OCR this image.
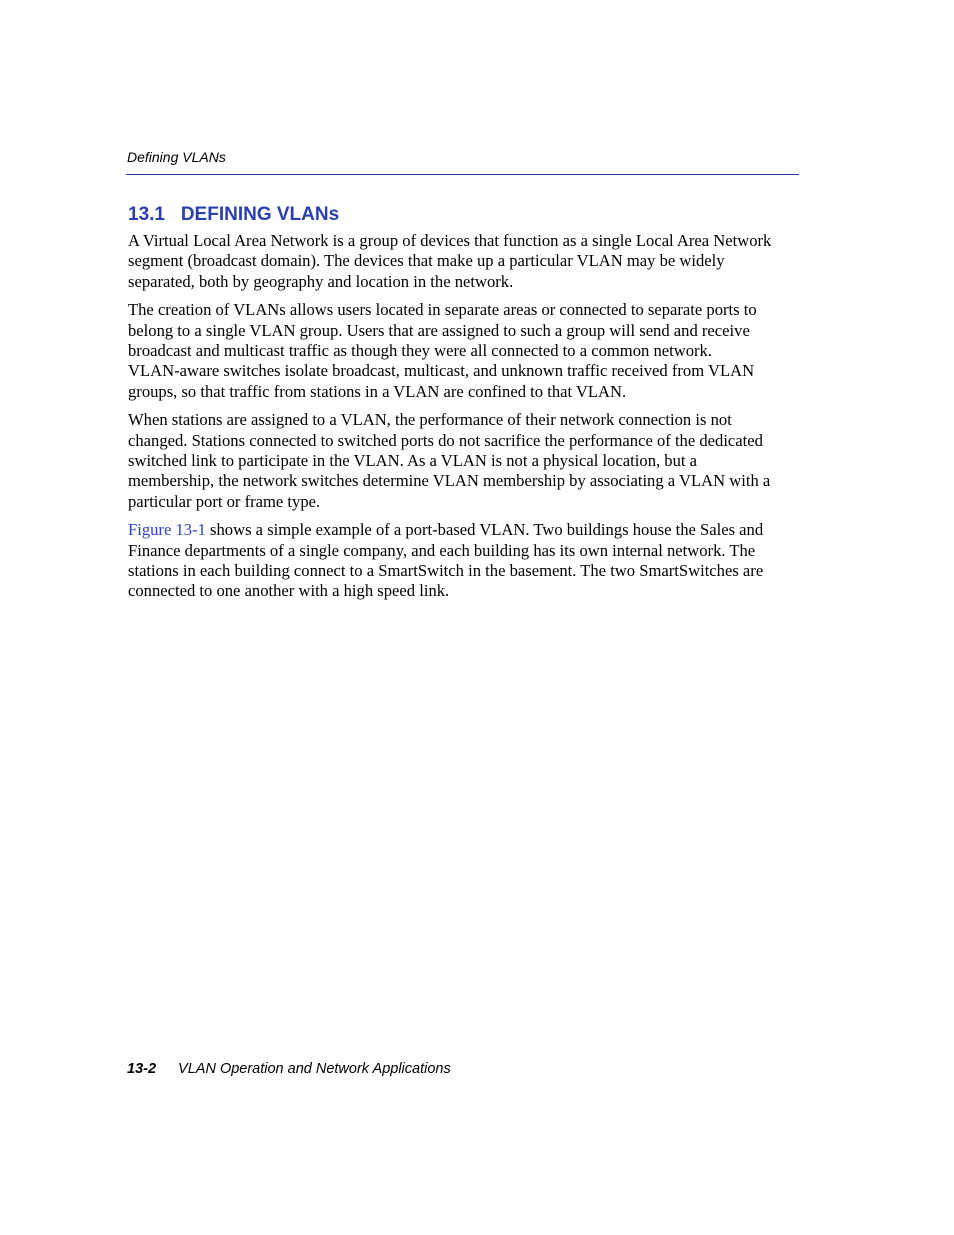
Defining VLANs
13.1 DEFINING VLANs

A Virtual Local Area Network is a group of devices that function as a single Local Area Network
segment (broadcast domain). The devices that make up a particular VLAN may be widely
separated, both by geography and location in the network.

The creation of VLANs allows users located in separate areas or connected to separate ports to
belong to a single VLAN group. Users that are assigned to such a group will send and receive
broadcast and multicast traffic as though they were all connected to a common network.
VLAN-aware switches isolate broadcast, multicast, and unknown traffic received from VLAN
groups, so that traffic from stations in a VLAN are confined to that VLAN.

When stations are assigned to a VLAN, the performance of their network connection is not
changed. Stations connected to switched ports do not sacrifice the performance of the dedicated
switched link to participate in the VLAN. As a VLAN is not a physical location, but a
membership, the network switches determine VLAN membership by associating a VLAN with a
particular port or frame type.

Figure 13-1 shows a simple example of a port-based VLAN. Two buildings house the Sales and
Finance departments of a single company, and each building has its own internal network. The
stations in each building connect to a SmartSwitch in the basement. The two SmartSwitches are
connected to one another with a high speed link.

13-2 VLAN Operation and Network Applications
